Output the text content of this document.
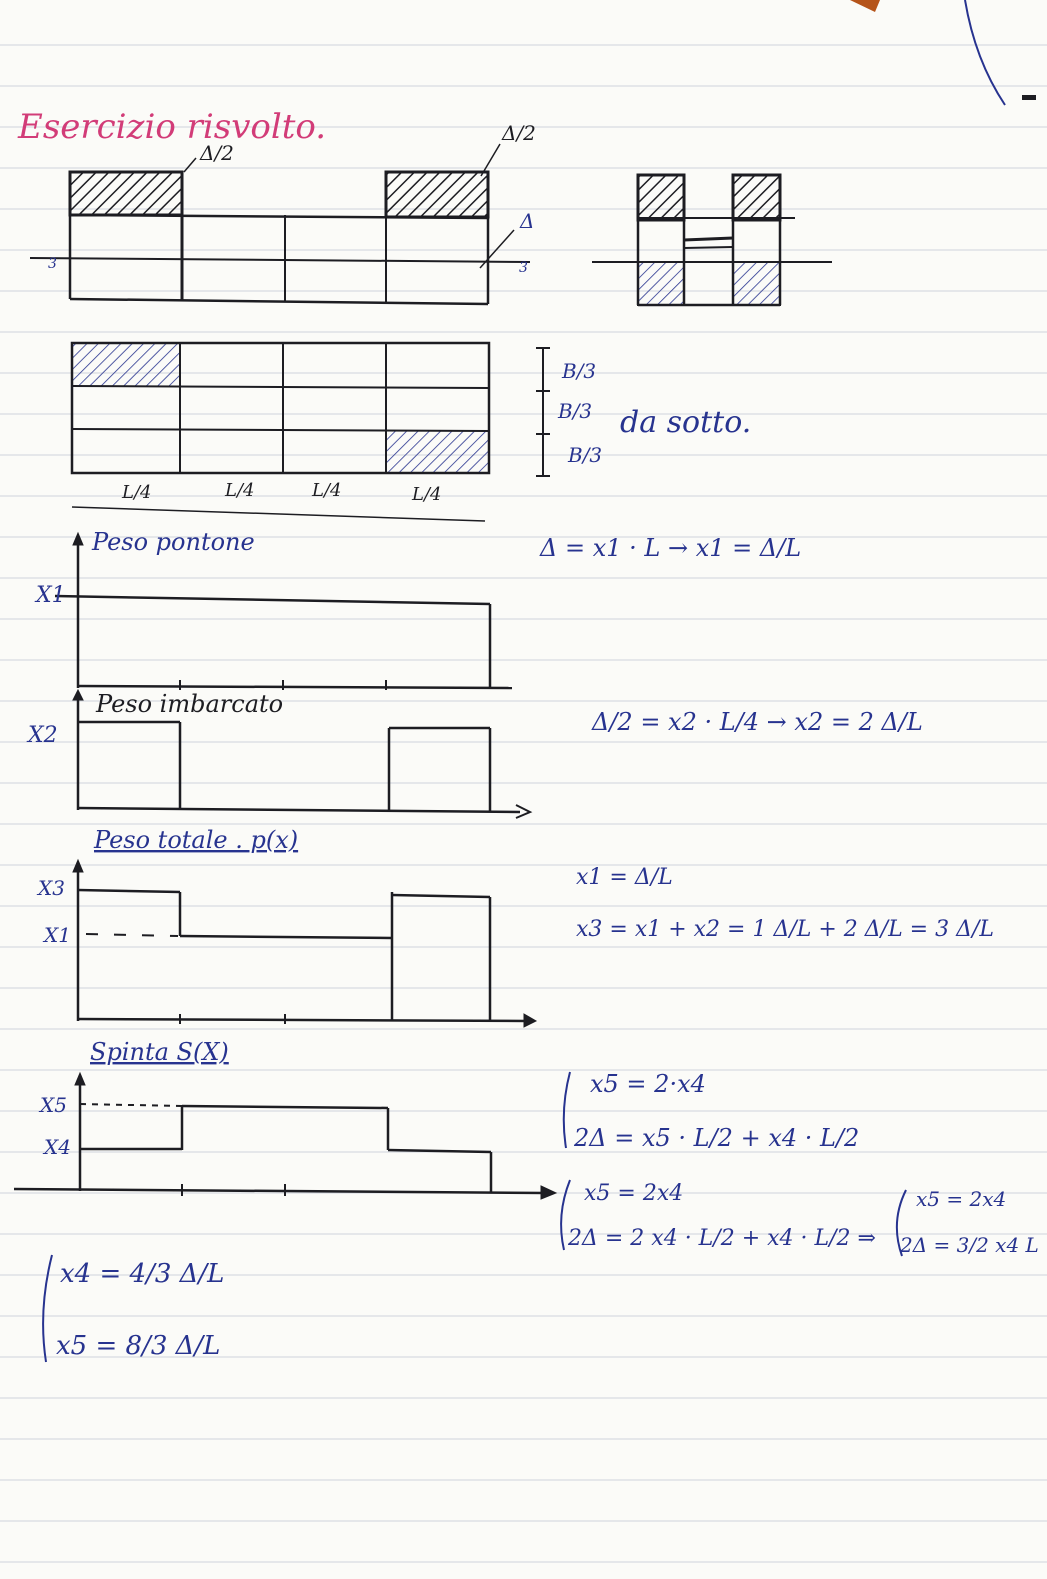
Esercizio risvolto.
Δ/2
Δ/2
Δ
3	3
L/4	L/4	L/4	L/4
B/3
B/3
B/3
da sotto.
Peso pontone
X1
Peso imbarcato
X2
Peso totale . p(x)
X3
X1
Spinta S(X)
X5
X4
Δ = x1 · L → x1 = Δ/L
Δ/2 = x2 · L/4 → x2 = 2 Δ/L
x1 = Δ/L
x3 = x1 + x2 = 1 Δ/L + 2 Δ/L = 3 Δ/L
x5 = 2·x4
2Δ = x5 · L/2 + x4 · L/2
x5 = 2x4
2Δ = 2 x4 · L/2 + x4 · L/2 ⇒
x5 = 2x4
2Δ = 3/2 x4 L
x4 = 4/3 Δ/L
x5 = 8/3 Δ/L
